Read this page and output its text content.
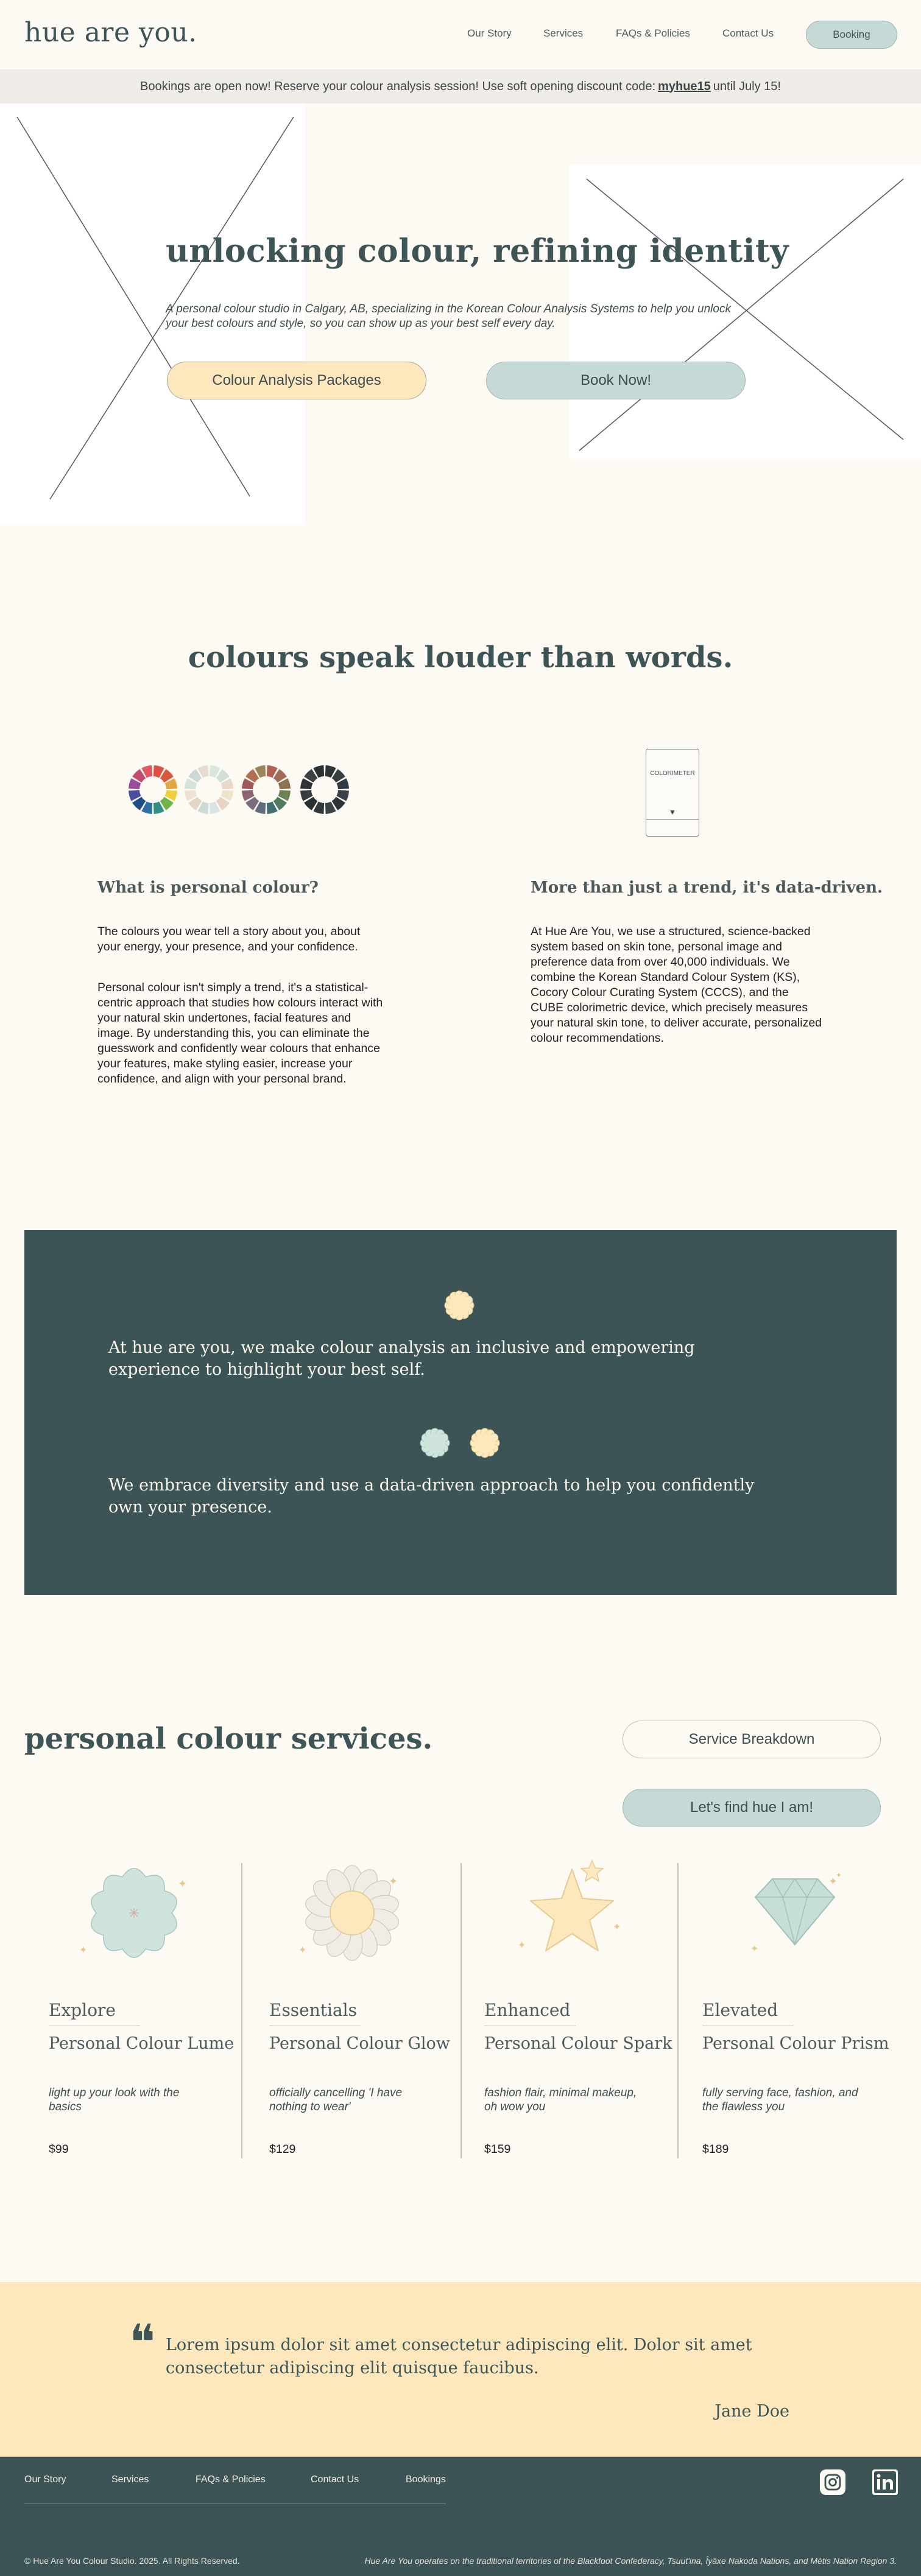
hue are you.	Our Story	Services	FAQs & Policies	Contact Us	Booking
Bookings are open now! Reserve your colour analysis session! Use soft opening discount code: myhue15 until July 15!
unlocking colour, refining identity

A personal colour studio in Calgary, AB, specializing in the Korean Colour Analysis Systems to help you unlock your best colours and style, so you can show up as your best self every day.

Colour Analysis Packages	Book Now!
colours speak louder than words.
COLORIMETER
▼
What is personal colour?

The colours you wear tell a story about you, about your energy, your presence, and your confidence.

Personal colour isn't simply a trend, it's a statistical-centric approach that studies how colours interact with your natural skin undertones, facial features and image. By understanding this, you can eliminate the guesswork and confidently wear colours that enhance your features, make styling easier, increase your confidence, and align with your personal brand.

More than just a trend, it's data-driven.

At Hue Are You, we use a structured, science-backed system based on skin tone, personal image and preference data from over 40,000 individuals. We combine the Korean Standard Colour System (KS), Cocory Colour Curating System (CCCS), and the CUBE colorimetric device, which precisely measures your natural skin tone, to deliver accurate, personalized colour recommendations.

At hue are you, we make colour analysis an inclusive and empowering experience to highlight your best self.

We embrace diversity and use a data-driven approach to help you confidently own your presence.

personal colour services.	Service Breakdown
Let's find hue I am!
✦
✦
✦
✦
✦
✦
✦
✦
✦
Explore
Personal Colour Lume
light up your look with the basics
$99
Essentials
Personal Colour Glow
officially cancelling 'I have nothing to wear'
$129
Enhanced
Personal Colour Spark
fashion flair, minimal makeup, oh wow you
$159
Elevated
Personal Colour Prism
fully serving face, fashion, and the flawless you
$189
❝ Lorem ipsum dolor sit amet consectetur adipiscing elit. Dolor sit amet consectetur adipiscing elit quisque faucibus.

Jane Doe
Our Story	Services	FAQs & Policies	Contact Us	Bookings
© Hue Are You Colour Studio. 2025. All Rights Reserved.	Hue Are You operates on the traditional territories of the Blackfoot Confederacy, Tsuut'ina, Îyâxe Nakoda Nations, and Métis Nation Region 3.
